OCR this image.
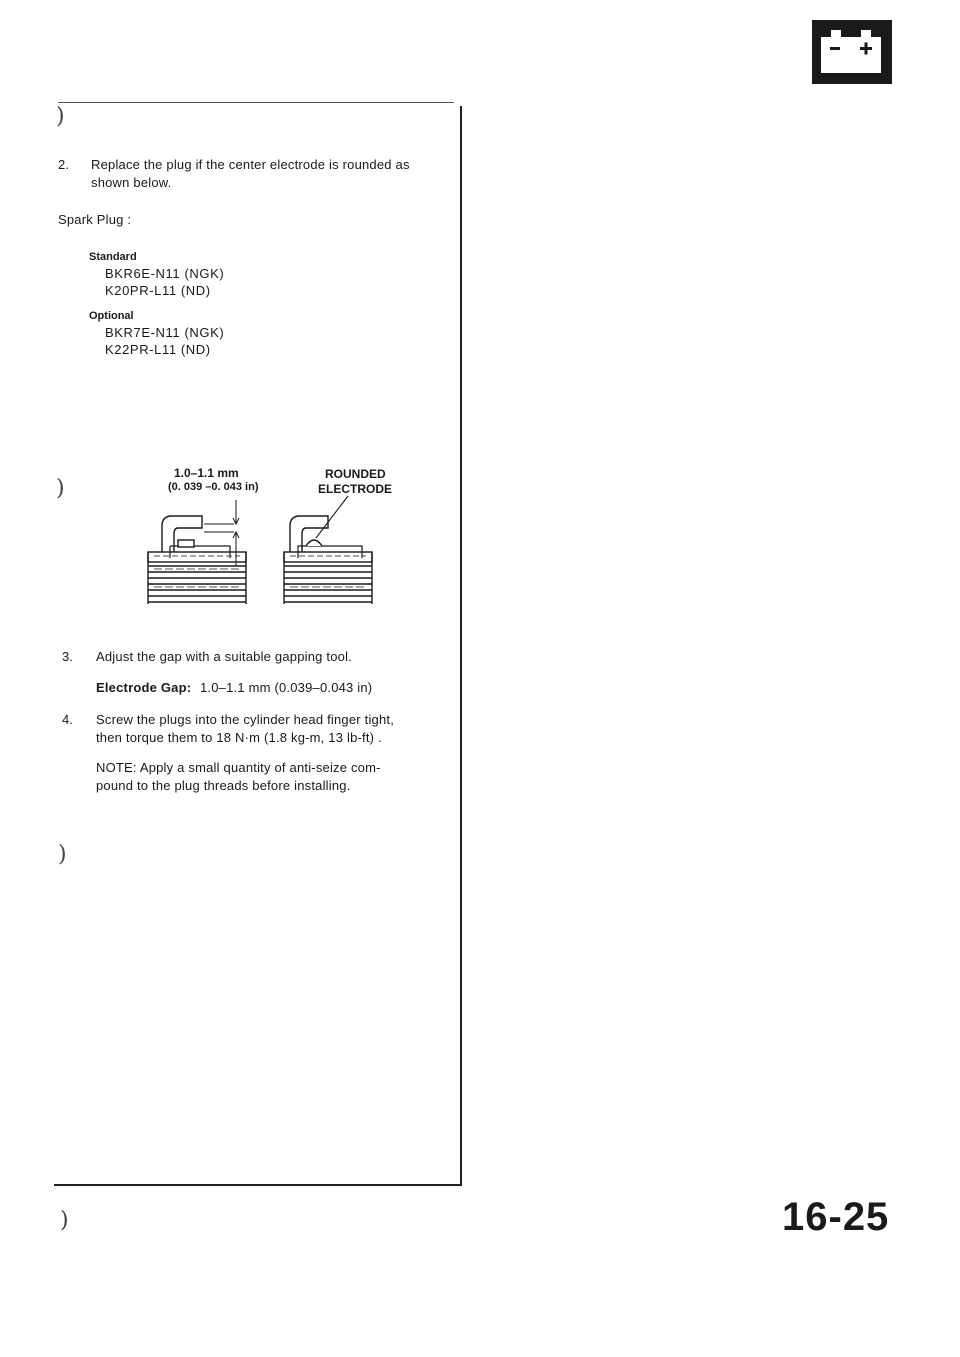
)
)
)
)
2. Replace the plug if the center electrode is rounded as
shown below.
Spark Plug :
Standard
BKR6E-N11 (NGK)
K20PR-L11 (ND)
Optional
BKR7E-N11 (NGK)
K22PR-L11 (ND)
1.0–1.1 mm
(0. 039 –0. 043 in)
ROUNDED
ELECTRODE
3. Adjust the gap with a suitable gapping tool.
Electrode Gap: 1.0–1.1 mm (0.039–0.043 in)
4. Screw the plugs into the cylinder head finger tight,
then torque them to 18 N·m (1.8 kg-m, 13 lb-ft) .
NOTE: Apply a small quantity of anti-seize com-
pound to the plug threads before installing.
16-25
